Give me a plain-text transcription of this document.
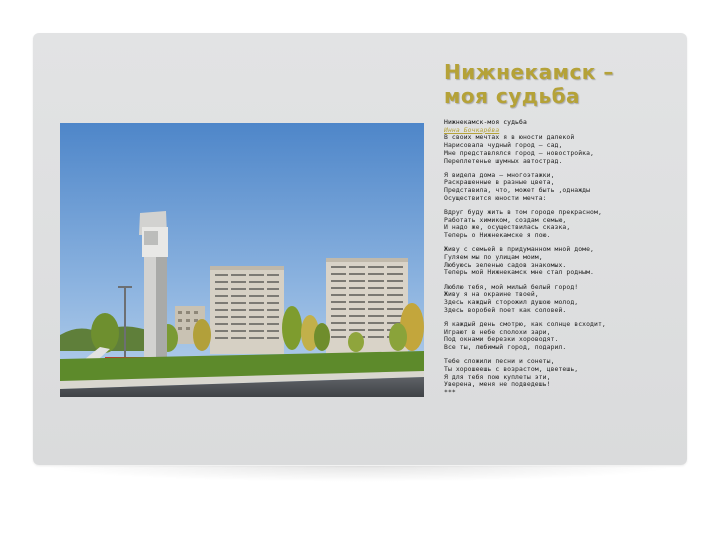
Нижнекамск –
моя судьба
Нижнекамск-моя судьба
Инна Бочкарёва
В своих мечтах я в юности далекой
Нарисовала чудный город – сад,
Мне представлялся город – новостройка,
Переплетенье шумных автострад.
Я видела дома – многоэтажки,
Раскрашенные в разные цвета,
Представила, что, может быть ,однажды
Осуществится юности мечта:
Вдруг буду жить в том городе прекрасном,
Работать химиком, создам семью,
И надо же, осуществилась сказка,
Теперь о Нижнекамске я пою.
Живу с семьей в придуманном мной доме,
Гуляем мы по улицам моим,
Любуюсь зеленью садов знакомых.
Теперь мой Нижнекамск мне стал родным.
Люблю тебя, мой милый белый город!
Живу я на окраине твоей,
Здесь каждый сторожил душою молод,
Здесь воробей поет как соловей.
Я каждый день смотрю, как солнце всходит,
Играют в небе сполохи зари,
Под окнами березки хороводят.
Все ты, любимый город, подарил.
Тебе сложили песни и сонеты,
Ты хорошеешь с возрастом, цветешь,
Я для тебя пою куплеты эти,
Уверена, меня не подведешь!
***
